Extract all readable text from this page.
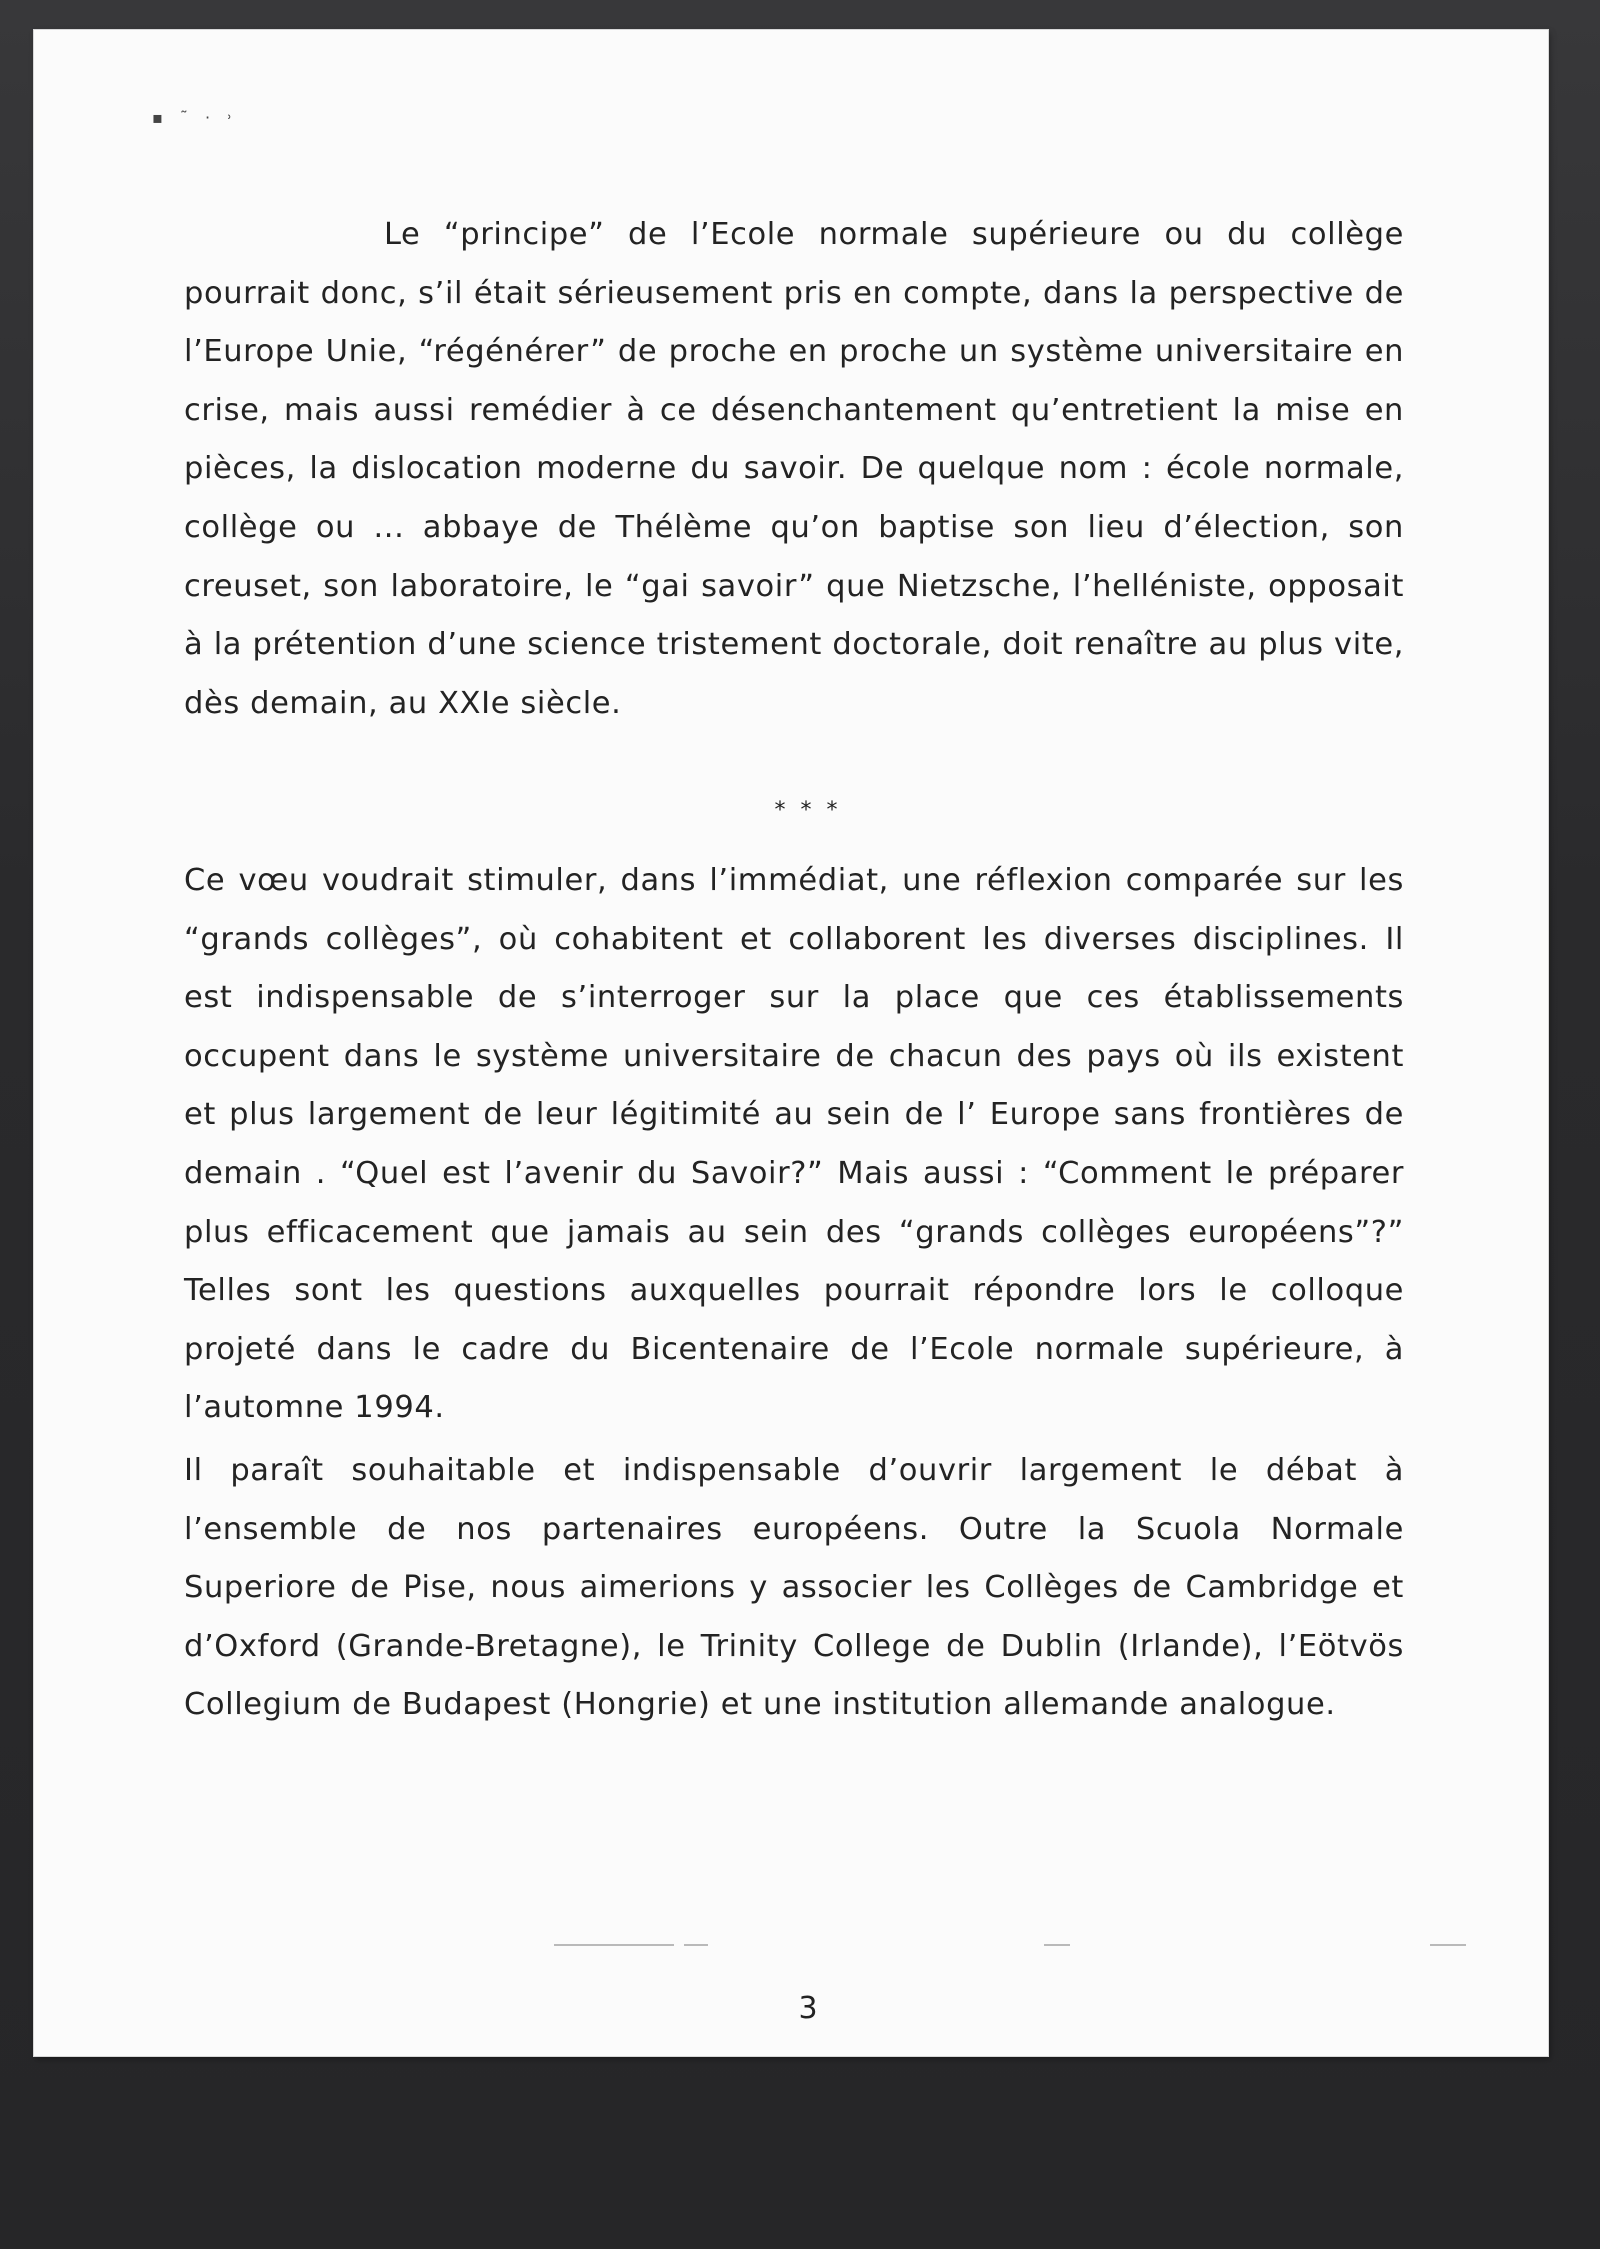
▪ ˜ · ˒

Le “principe” de l’Ecole normale supérieure ou du collège pourrait donc, s’il était sérieusement pris en compte, dans la perspective de l’Europe Unie, “régénérer” de proche en proche un système universitaire en crise, mais aussi remédier à ce désenchantement qu’entretient la mise en pièces, la dislocation moderne du savoir. De quelque nom : école normale, collège ou ... abbaye de Thélème qu’on baptise son lieu d’élection, son creuset, son laboratoire, le “gai savoir” que Nietzsche, l’helléniste, opposait à la prétention d’une science tristement doctorale, doit renaître au plus vite, dès demain, au XXIe siècle.

* * *

Ce vœu voudrait stimuler, dans l’immédiat, une réflexion comparée sur les “grands collèges”, où cohabitent et collaborent les diverses disciplines. Il est indispensable de s’interroger sur la place que ces établissements occupent dans le système universitaire de chacun des pays où ils existent et plus largement de leur légitimité au sein de l’ Europe sans frontières de demain . “Quel est l’avenir du Savoir?” Mais aussi : “Comment le préparer plus efficacement que jamais au sein des “grands collèges européens”?” Telles sont les questions auxquelles pourrait répondre lors le colloque projeté dans le cadre du Bicentenaire de l’Ecole normale supérieure, à l’automne 1994.

Il paraît souhaitable et indispensable d’ouvrir largement le débat à l’ensemble de nos partenaires européens. Outre la Scuola Normale Superiore de Pise, nous aimerions y associer les Collèges de Cambridge et d’Oxford (Grande-Bretagne), le Trinity College de Dublin (Irlande), l’Eötvös Collegium de Budapest (Hongrie) et une institution allemande analogue.

3
